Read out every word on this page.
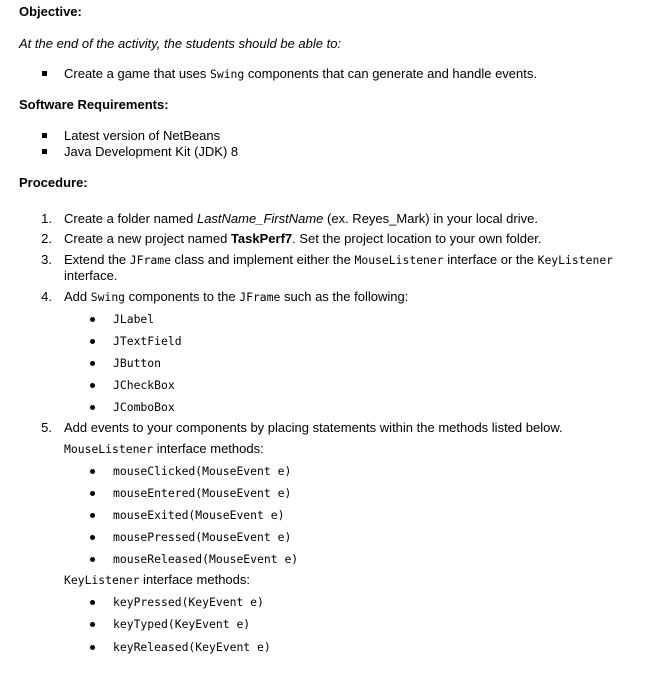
Objective:
At the end of the activity, the students should be able to:
Create a game that uses Swing components that can generate and handle events.
Software Requirements:
Latest version of NetBeans
Java Development Kit (JDK) 8
Procedure:
1. Create a folder named LastName_FirstName (ex. Reyes_Mark) in your local drive.
2. Create a new project named TaskPerf7. Set the project location to your own folder.
3. Extend the JFrame class and implement either the MouseListener interface or the KeyListener
interface.
4. Add Swing components to the JFrame such as the following:
JLabel
JTextField
JButton
JCheckBox
JComboBox
5. Add events to your components by placing statements within the methods listed below.
MouseListener interface methods:
mouseClicked(MouseEvent e)
mouseEntered(MouseEvent e)
mouseExited(MouseEvent e)
mousePressed(MouseEvent e)
mouseReleased(MouseEvent e)
KeyListener interface methods:
keyPressed(KeyEvent e)
keyTyped(KeyEvent e)
keyReleased(KeyEvent e)
